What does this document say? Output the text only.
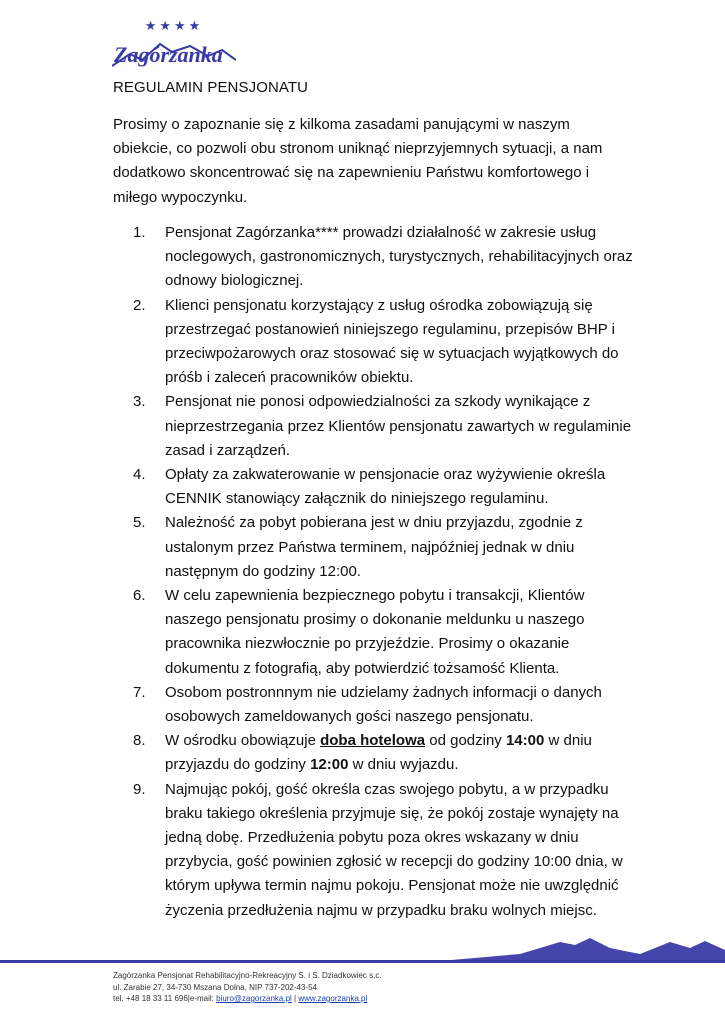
★★★★
Zagórzanka
REGULAMIN PENSJONATU
Prosimy o zapoznanie się z kilkoma zasadami panującymi w naszym obiekcie, co pozwoli obu stronom uniknąć nieprzyjemnych sytuacji, a nam dodatkowo skoncentrować się na zapewnieniu Państwu komfortowego i miłego wypoczynku.
1. Pensjonat Zagórzanka**** prowadzi działalność w zakresie usług noclegowych, gastronomicznych, turystycznych, rehabilitacyjnych oraz odnowy biologicznej.
2. Klienci pensjonatu korzystający z usług ośrodka zobowiązują się przestrzegać postanowień niniejszego regulaminu, przepisów BHP i przeciwpożarowych oraz stosować się w sytuacjach wyjątkowych do próśb i zaleceń pracowników obiektu.
3. Pensjonat nie ponosi odpowiedzialności za szkody wynikające z nieprzestrzegania przez Klientów pensjonatu zawartych w regulaminie zasad i zarządzeń.
4. Opłaty za zakwaterowanie w pensjonacie oraz wyżywienie określa CENNIK stanowiący załącznik do niniejszego regulaminu.
5. Należność za pobyt pobierana jest w dniu przyjazdu, zgodnie z ustalonym przez Państwa terminem, najpóźniej jednak w dniu następnym do godziny 12:00.
6. W celu zapewnienia bezpiecznego pobytu i transakcji, Klientów naszego pensjonatu prosimy o dokonanie meldunku u naszego pracownika niezwłocznie po przyjeździe. Prosimy o okazanie dokumentu z fotografią, aby potwierdzić tożsamość Klienta.
7. Osobom postronnnym nie udzielamy żadnych informacji o danych osobowych zameldowanych gości naszego pensjonatu.
8. W ośrodku obowiązuje doba hotelowa od godziny 14:00 w dniu przyjazdu do godziny 12:00 w dniu wyjazdu.
9. Najmując pokój, gość określa czas swojego pobytu, a w przypadku braku takiego określenia przyjmuje się, że pokój zostaje wynajęty na jedną dobę. Przedłużenia pobytu poza okres wskazany w dniu przybycia, gość powinien zgłosić w recepcji do godziny 10:00 dnia, w którym upływa termin najmu pokoju. Pensjonat może nie uwzględnić życzenia przedłużenia najmu w przypadku braku wolnych miejsc.
Zagórzanka Pensjonat Rehabilitacyjno-Rekreacyjny S. i S. Dziadkowiec s.c.
ul. Zarabie 27, 34-730 Mszana Dolna, NIP 737-202-43-54
tel. +48 18 33 11 696|e-mail: biuro@zagorzanka.pl | www.zagorzanka.pl
